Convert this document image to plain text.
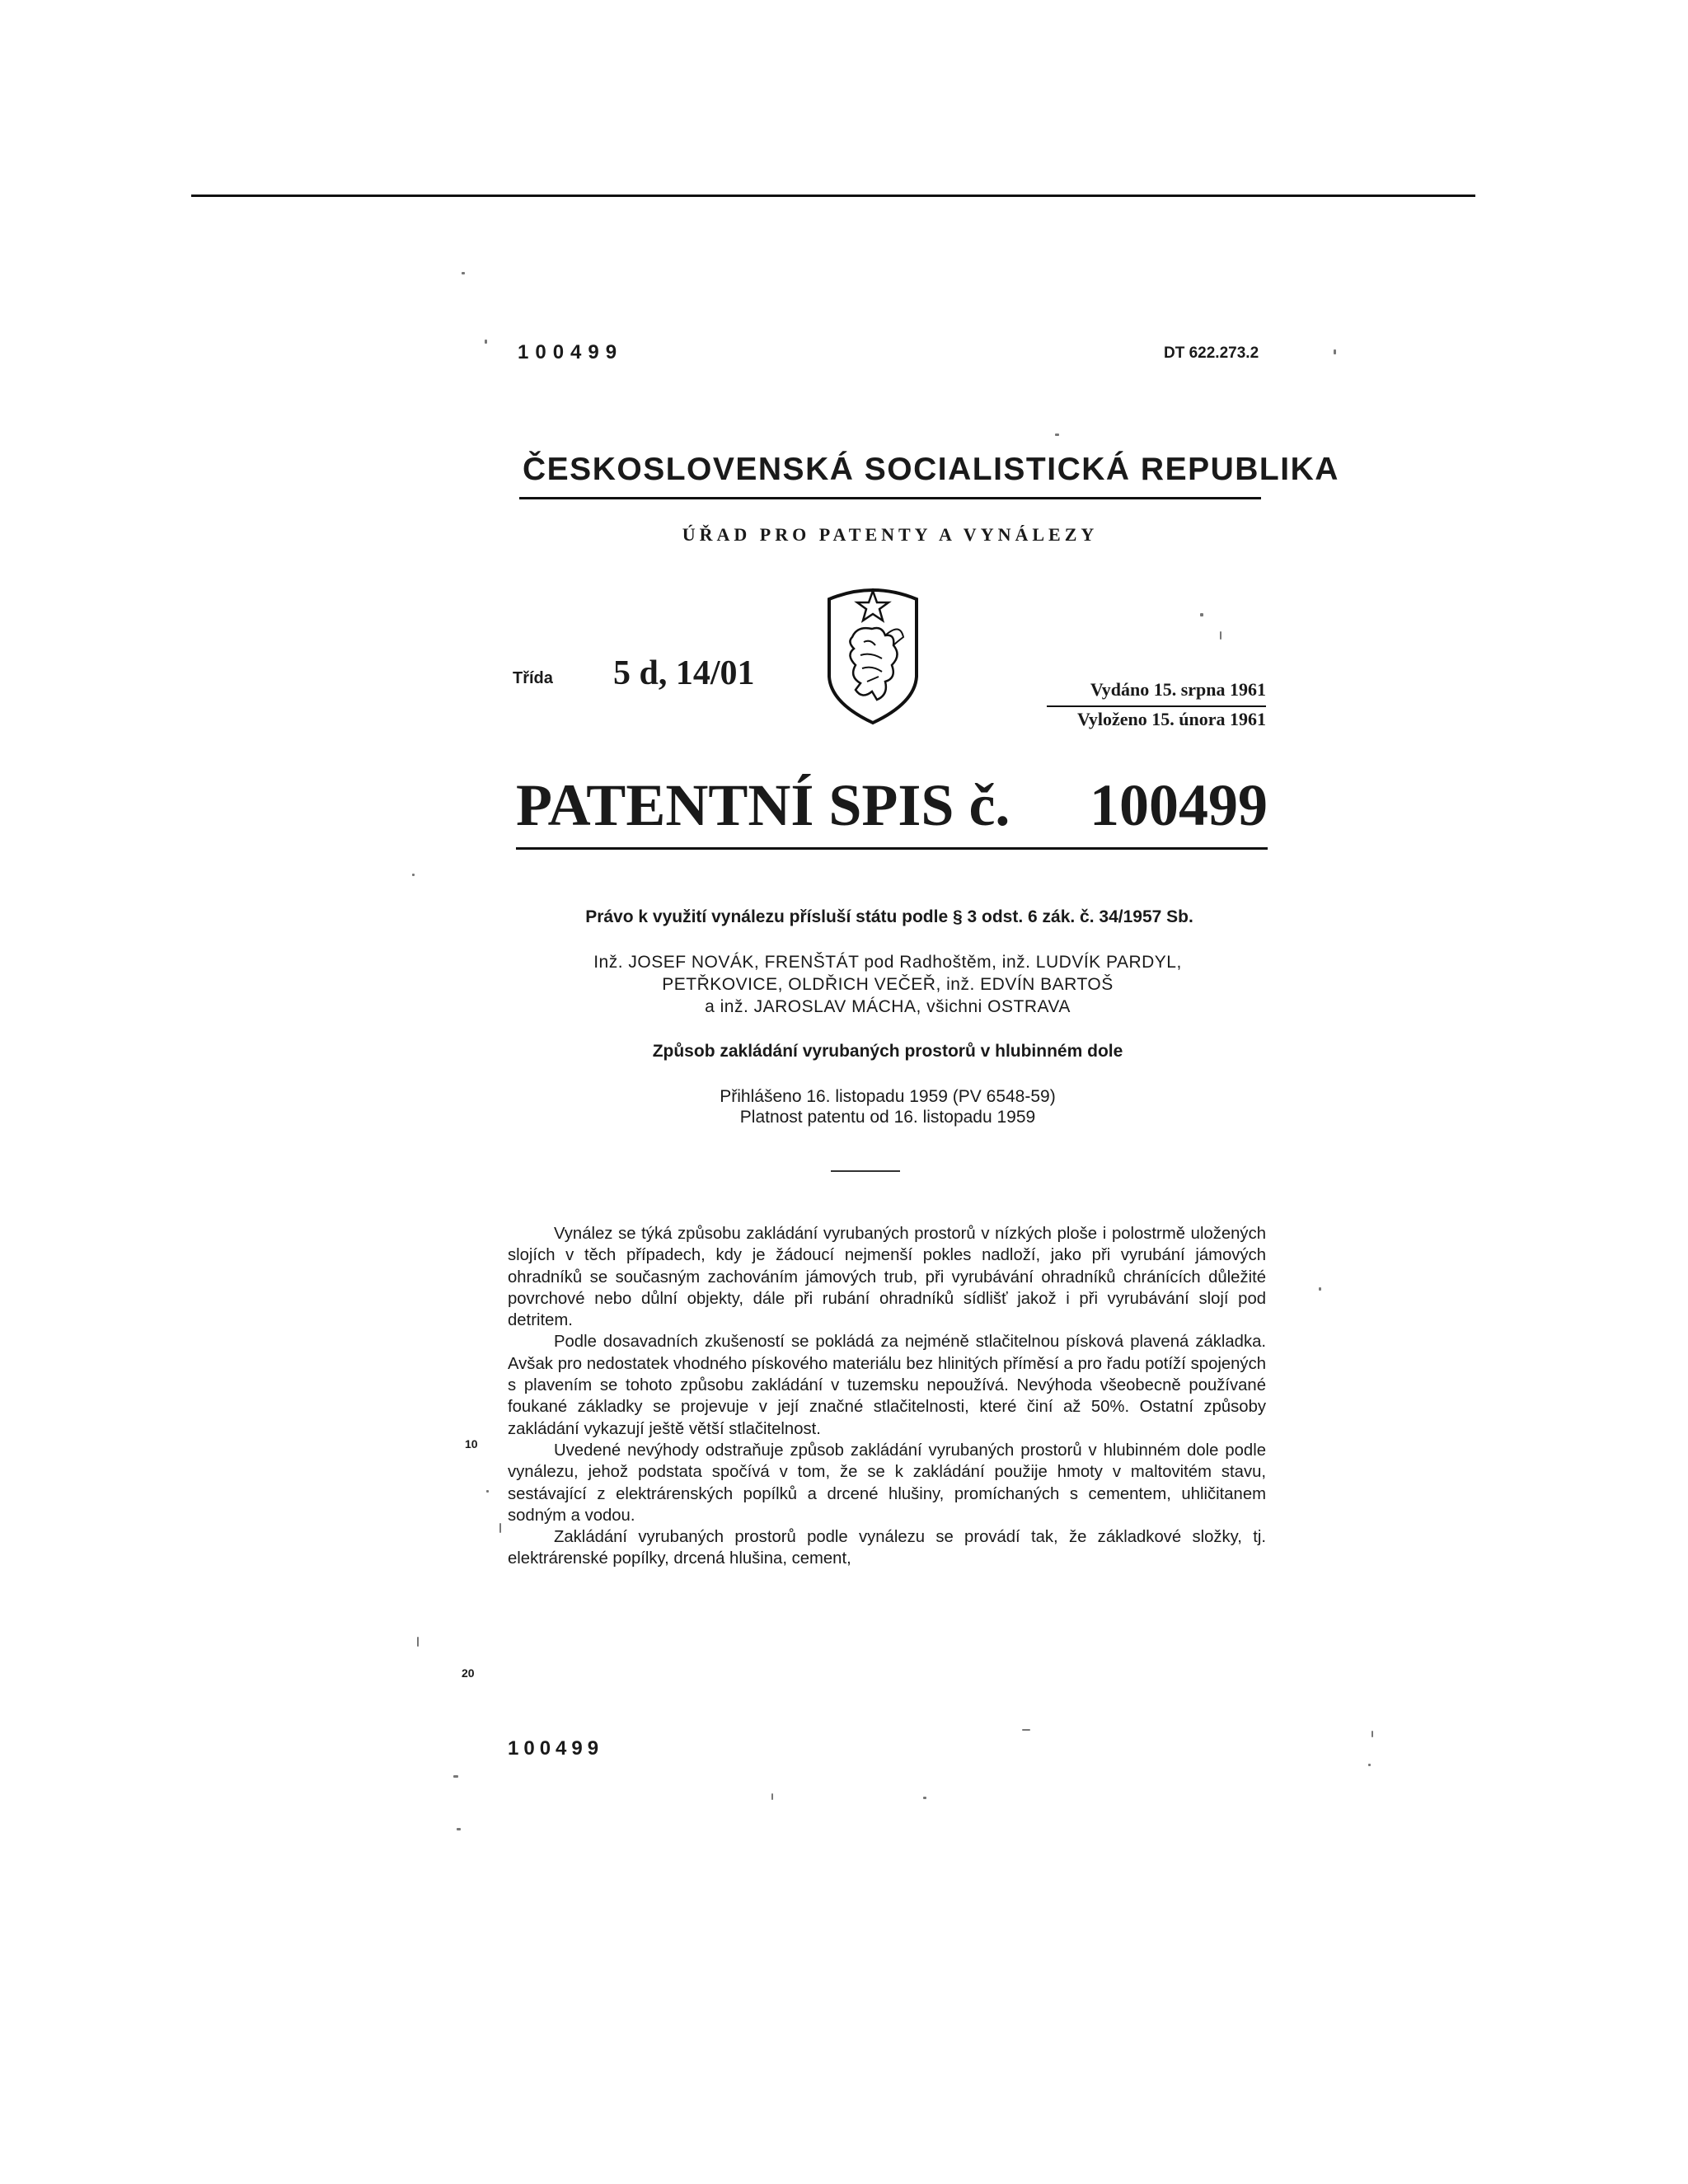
100499	DT 622.273.2
ČESKOSLOVENSKÁ SOCIALISTICKÁ REPUBLIKA
ÚŘAD PRO PATENTY A VYNÁLEZY
Třída 5 d, 14/01	Vydáno 15. srpna 1961
Vyloženo 15. února 1961
PATENTNÍ SPIS č. 100499
Právo k využití vynálezu přísluší státu podle § 3 odst. 6 zák. č. 34/1957 Sb.
Inž. JOSEF NOVÁK, FRENŠTÁT pod Radhoštěm, inž. LUDVÍK PARDYL,
PETŘKOVICE, OLDŘICH VEČEŘ, inž. EDVÍN BARTOŠ
a inž. JAROSLAV MÁCHA, všichni OSTRAVA
Způsob zakládání vyrubaných prostorů v hlubinném dole
Přihlášeno 16. listopadu 1959 (PV 6548-59)
Platnost patentu od 16. listopadu 1959

Vynález se týká způsobu zakládání vyrubaných prostorů v nízkých ploše i polostrmě uložených slojích v těch případech, kdy je žádoucí nejmenší pokles nadloží, jako při vyrubání jámových ohradníků se současným zachováním jámových trub, při vyrubávání ohradníků chránících důležité povrchové nebo důlní objekty, dále při rubání ohradníků sídlišť jakož i při vyrubávání slojí pod detritem.

Podle dosavadních zkušeností se pokládá za nejméně stlačitelnou písková plavená základka. Avšak pro nedostatek vhodného pískového materiálu bez hlinitých příměsí a pro řadu potíží spojených s plavením se tohoto způsobu zakládání v tuzemsku nepoužívá. Nevýhoda všeobecně používané foukané základky se projevuje v její značné stlačitelnosti, které činí až 50%. Ostatní způsoby zakládání vykazují ještě větší stlačitelnost.

Uvedené nevýhody odstraňuje způsob zakládání vyrubaných prostorů v hlubinném dole podle vynálezu, jehož podstata spočívá v tom, že se k zakládání použije hmoty v maltovitém stavu, sestávající z elektrárenských popílků a drcené hlušiny, promíchaných s cementem, uhličitanem sodným a vodou.

Zakládání vyrubaných prostorů podle vynálezu se provádí tak, že základkové složky, tj. elektrárenské popílky, drcená hlušina, cement,

10
20
100499
